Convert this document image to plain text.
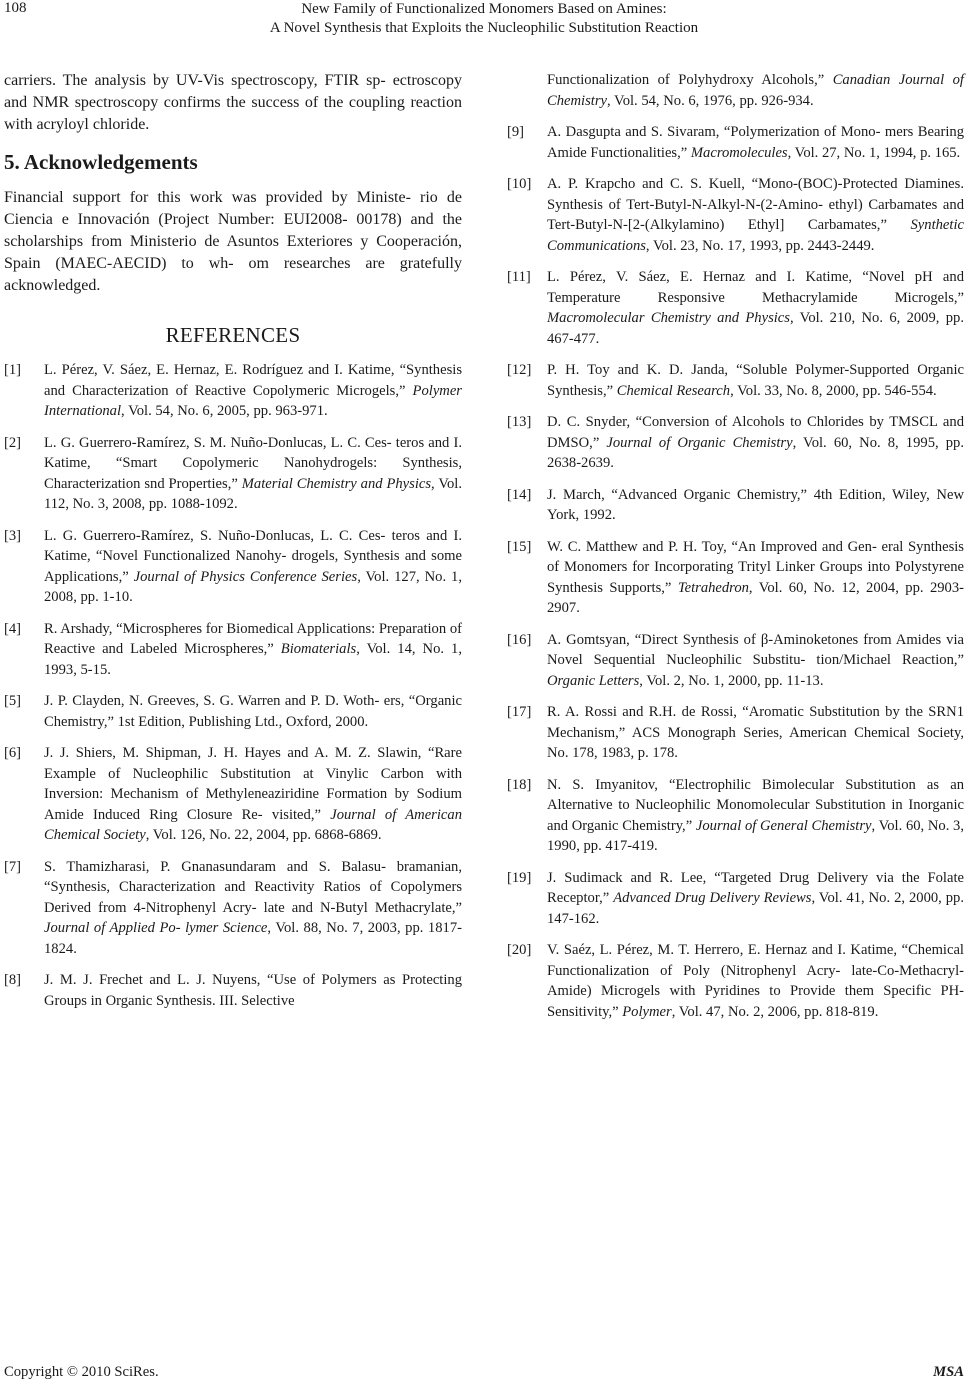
108	New Family of Functionalized Monomers Based on Amines:
A Novel Synthesis that Exploits the Nucleophilic Substitution Reaction

carriers. The analysis by UV-Vis spectroscopy, FTIR sp- ectroscopy and NMR spectroscopy confirms the success of the coupling reaction with acryloyl chloride.

5. Acknowledgements

Financial support for this work was provided by Ministe- rio de Ciencia e Innovación (Project Number: EUI2008- 00178) and the scholarships from Ministerio de Asuntos Exteriores y Cooperación, Spain (MAEC-AECID) to wh- om researches are gratefully acknowledged.

REFERENCES
[1]	L. Pérez, V. Sáez, E. Hernaz, E. Rodríguez and I. Katime, “Synthesis and Characterization of Reactive Copolymeric Microgels,” Polymer International, Vol. 54, No. 6, 2005, pp. 963-971.
[2]	L. G. Guerrero-Ramírez, S. M. Nuño-Donlucas, L. C. Ces- teros and I. Katime, “Smart Copolymeric Nanohydrogels: Synthesis, Characterization snd Properties,” Material Chemistry and Physics, Vol. 112, No. 3, 2008, pp. 1088-1092.
[3]	L. G. Guerrero-Ramírez, S. Nuño-Donlucas, L. C. Ces- teros and I. Katime, “Novel Functionalized Nanohy- drogels, Synthesis and some Applications,” Journal of Physics Conference Series, Vol. 127, No. 1, 2008, pp. 1-10.
[4]	R. Arshady, “Microspheres for Biomedical Applications: Preparation of Reactive and Labeled Microspheres,” Biomaterials, Vol. 14, No. 1, 1993, 5-15.
[5]	J. P. Clayden, N. Greeves, S. G. Warren and P. D. Woth- ers, “Organic Chemistry,” 1st Edition, Publishing Ltd., Oxford, 2000.
[6]	J. J. Shiers, M. Shipman, J. H. Hayes and A. M. Z. Slawin, “Rare Example of Nucleophilic Substitution at Vinylic Carbon with Inversion: Mechanism of Methyleneaziridine Formation by Sodium Amide Induced Ring Closure Re- visited,” Journal of American Chemical Society, Vol. 126, No. 22, 2004, pp. 6868-6869.
[7]	S. Thamizharasi, P. Gnanasundaram and S. Balasu- bramanian, “Synthesis, Characterization and Reactivity Ratios of Copolymers Derived from 4-Nitrophenyl Acry- late and N-Butyl Methacrylate,” Journal of Applied Po- lymer Science, Vol. 88, No. 7, 2003, pp. 1817-1824.
[8]	J. M. J. Frechet and L. J. Nuyens, “Use of Polymers as Protecting Groups in Organic Synthesis. III. Selective
Functionalization of Polyhydroxy Alcohols,” Canadian Journal of Chemistry, Vol. 54, No. 6, 1976, pp. 926-934.
[9]	A. Dasgupta and S. Sivaram, “Polymerization of Mono- mers Bearing Amide Functionalities,” Macromolecules, Vol. 27, No. 1, 1994, p. 165.
[10]	A. P. Krapcho and C. S. Kuell, “Mono-(BOC)-Protected Diamines. Synthesis of Tert-Butyl-N-Alkyl-N-(2-Amino- ethyl) Carbamates and Tert-Butyl-N-[2-(Alkylamino) Ethyl] Carbamates,” Synthetic Communications, Vol. 23, No. 17, 1993, pp. 2443-2449.
[11]	L. Pérez, V. Sáez, E. Hernaz and I. Katime, “Novel pH and Temperature Responsive Methacrylamide Microgels,” Macromolecular Chemistry and Physics, Vol. 210, No. 6, 2009, pp. 467-477.
[12]	P. H. Toy and K. D. Janda, “Soluble Polymer-Supported Organic Synthesis,” Chemical Research, Vol. 33, No. 8, 2000, pp. 546-554.
[13]	D. C. Snyder, “Conversion of Alcohols to Chlorides by TMSCL and DMSO,” Journal of Organic Chemistry, Vol. 60, No. 8, 1995, pp. 2638-2639.
[14]	J. March, “Advanced Organic Chemistry,” 4th Edition, Wiley, New York, 1992.
[15]	W. C. Matthew and P. H. Toy, “An Improved and Gen- eral Synthesis of Monomers for Incorporating Trityl Linker Groups into Polystyrene Synthesis Supports,” Tetrahedron, Vol. 60, No. 12, 2004, pp. 2903-2907.
[16]	A. Gomtsyan, “Direct Synthesis of β-Aminoketones from Amides via Novel Sequential Nucleophilic Substitu- tion/Michael Reaction,” Organic Letters, Vol. 2, No. 1, 2000, pp. 11-13.
[17]	R. A. Rossi and R.H. de Rossi, “Aromatic Substitution by the SRN1 Mechanism,” ACS Monograph Series, American Chemical Society, No. 178, 1983, p. 178.
[18]	N. S. Imyanitov, “Electrophilic Bimolecular Substitution as an Alternative to Nucleophilic Monomolecular Substitution in Inorganic and Organic Chemistry,” Journal of General Chemistry, Vol. 60, No. 3, 1990, pp. 417-419.
[19]	J. Sudimack and R. Lee, “Targeted Drug Delivery via the Folate Receptor,” Advanced Drug Delivery Reviews, Vol. 41, No. 2, 2000, pp. 147-162.
[20]	V. Saéz, L. Pérez, M. T. Herrero, E. Hernaz and I. Katime, “Chemical Functionalization of Poly (Nitrophenyl Acry- late-Co-Methacryl-Amide) Microgels with Pyridines to Provide them Specific PH-Sensitivity,” Polymer, Vol. 47, No. 2, 2006, pp. 818-819.
Copyright © 2010 SciRes.	MSA
